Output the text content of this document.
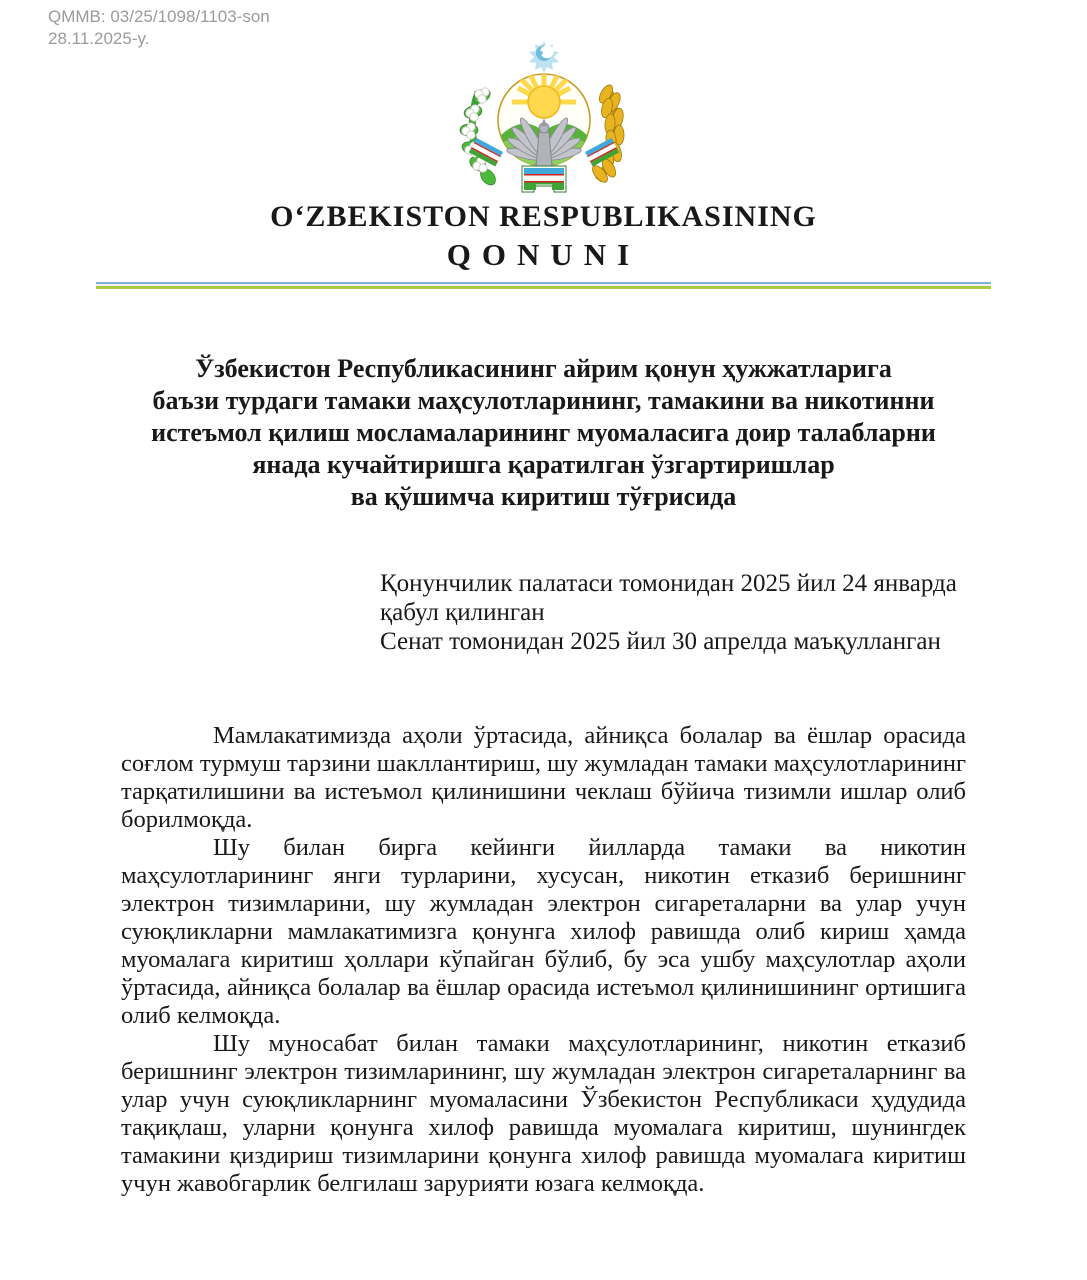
QMMB: 03/25/1098/1103-son
28.11.2025-y.
OʻZBEKISTON RESPUBLIKASINING
QONUNI
Ўзбекистон Республикасининг айрим қонун ҳужжатларига
баъзи турдаги тамаки маҳсулотларининг, тамакини ва никотинни
истеъмол қилиш мосламаларининг муомаласига доир талабларни
янада кучайтиришга қаратилган ўзгартиришлар
ва қўшимча киритиш тўғрисида
Қонунчилик палатаси томонидан 2025 йил 24 январда қабул қилинган
Сенат томонидан 2025 йил 30 апрелда маъқулланган

Мамлакатимизда аҳоли ўртасида, айниқса болалар ва ёшлар орасида соғлом турмуш тарзини шакллантириш, шу жумладан тамаки маҳсулотларининг тарқатилишини ва истеъмол қилинишини чеклаш бўйича тизимли ишлар олиб борилмоқда.

Шу билан бирга кейинги йилларда тамаки ва никотин маҳсулотларининг янги турларини, хусусан, никотин етказиб беришнинг электрон тизимларини, шу жумладан электрон сигареталарни ва улар учун суюқликларни мамлакатимизга қонунга хилоф равишда олиб кириш ҳамда муомалага киритиш ҳоллари кўпайган бўлиб, бу эса ушбу маҳсулотлар аҳоли ўртасида, айниқса болалар ва ёшлар орасида истеъмол қилинишининг ортишига олиб келмоқда.

Шу муносабат билан тамаки маҳсулотларининг, никотин етказиб беришнинг электрон тизимларининг, шу жумладан электрон сигареталарнинг ва улар учун суюқликларнинг муомаласини Ўзбекистон Республикаси ҳудудида тақиқлаш, уларни қонунга хилоф равишда муомалага киритиш, шунингдек тамакини қиздириш тизимларини қонунга хилоф равишда муомалага киритиш учун жавобгарлик белгилаш зарурияти юзага келмоқда.
